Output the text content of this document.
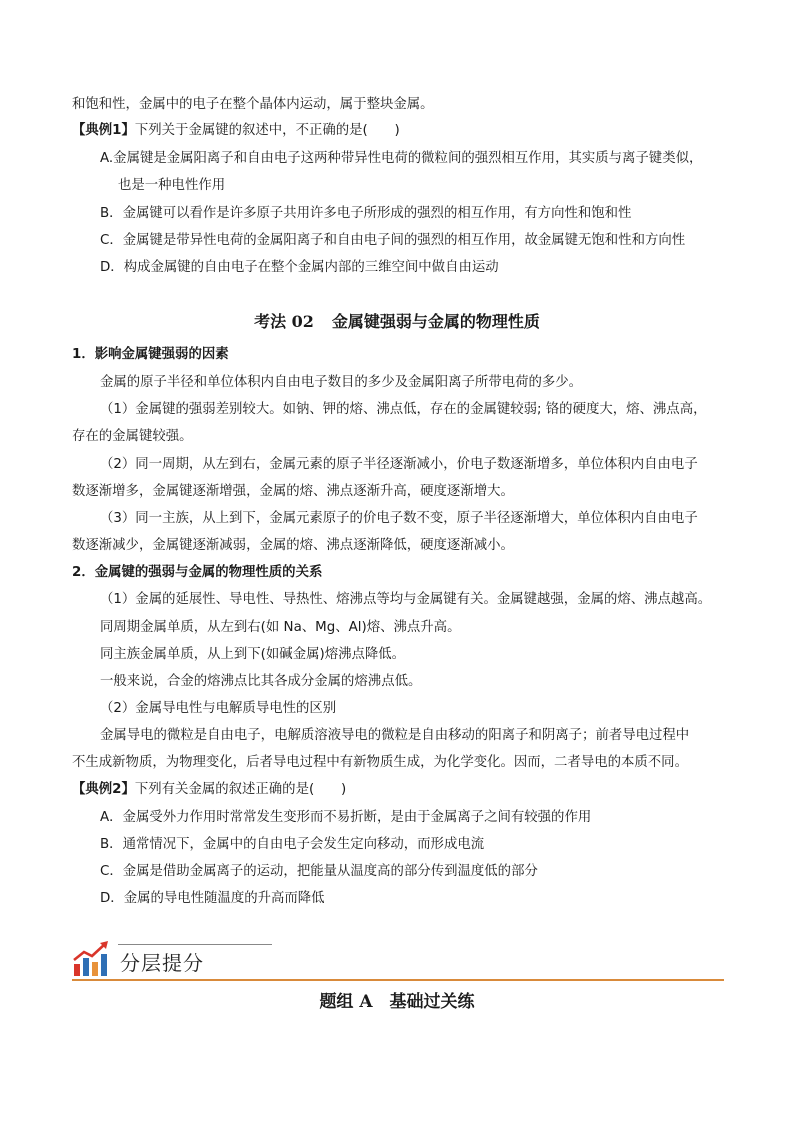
和饱和性，金属中的电子在整个晶体内运动，属于整块金属。
【典例1】下列关于金属键的叙述中，不正确的是(　　)
A.金属键是金属阳离子和自由电子这两种带异性电荷的微粒间的强烈相互作用，其实质与离子键类似，
也是一种电性作用
B．金属键可以看作是许多原子共用许多电子所形成的强烈的相互作用，有方向性和饱和性
C．金属键是带异性电荷的金属阳离子和自由电子间的强烈的相互作用，故金属键无饱和性和方向性
D．构成金属键的自由电子在整个金属内部的三维空间中做自由运动
考法 02 金属键强弱与金属的物理性质
1．影响金属键强弱的因素
金属的原子半径和单位体积内自由电子数目的多少及金属阳离子所带电荷的多少。
（1）金属键的强弱差别较大。如钠、钾的熔、沸点低，存在的金属键较弱; 铬的硬度大，熔、沸点高，
存在的金属键较强。
（2）同一周期，从左到右，金属元素的原子半径逐渐减小，价电子数逐渐增多，单位体积内自由电子
数逐渐增多，金属键逐渐增强，金属的熔、沸点逐渐升高，硬度逐渐增大。
（3）同一主族，从上到下，金属元素原子的价电子数不变，原子半径逐渐增大，单位体积内自由电子
数逐渐减少，金属键逐渐减弱，金属的熔、沸点逐渐降低，硬度逐渐减小。
2．金属键的强弱与金属的物理性质的关系
（1）金属的延展性、导电性、导热性、熔沸点等均与金属键有关。金属键越强，金属的熔、沸点越高。
同周期金属单质，从左到右(如 Na、Mg、Al)熔、沸点升高。
同主族金属单质，从上到下(如碱金属)熔沸点降低。
一般来说，合金的熔沸点比其各成分金属的熔沸点低。
（2）金属导电性与电解质导电性的区别
金属导电的微粒是自由电子，电解质溶液导电的微粒是自由移动的阳离子和阴离子；前者导电过程中
不生成新物质，为物理变化，后者导电过程中有新物质生成，为化学变化。因而，二者导电的本质不同。
【典例2】下列有关金属的叙述正确的是(　　)
A．金属受外力作用时常常发生变形而不易折断，是由于金属离子之间有较强的作用
B．通常情况下，金属中的自由电子会发生定向移动，而形成电流
C．金属是借助金属离子的运动，把能量从温度高的部分传到温度低的部分
D．金属的导电性随温度的升高而降低
分层提分
题组 A　基础过关练
